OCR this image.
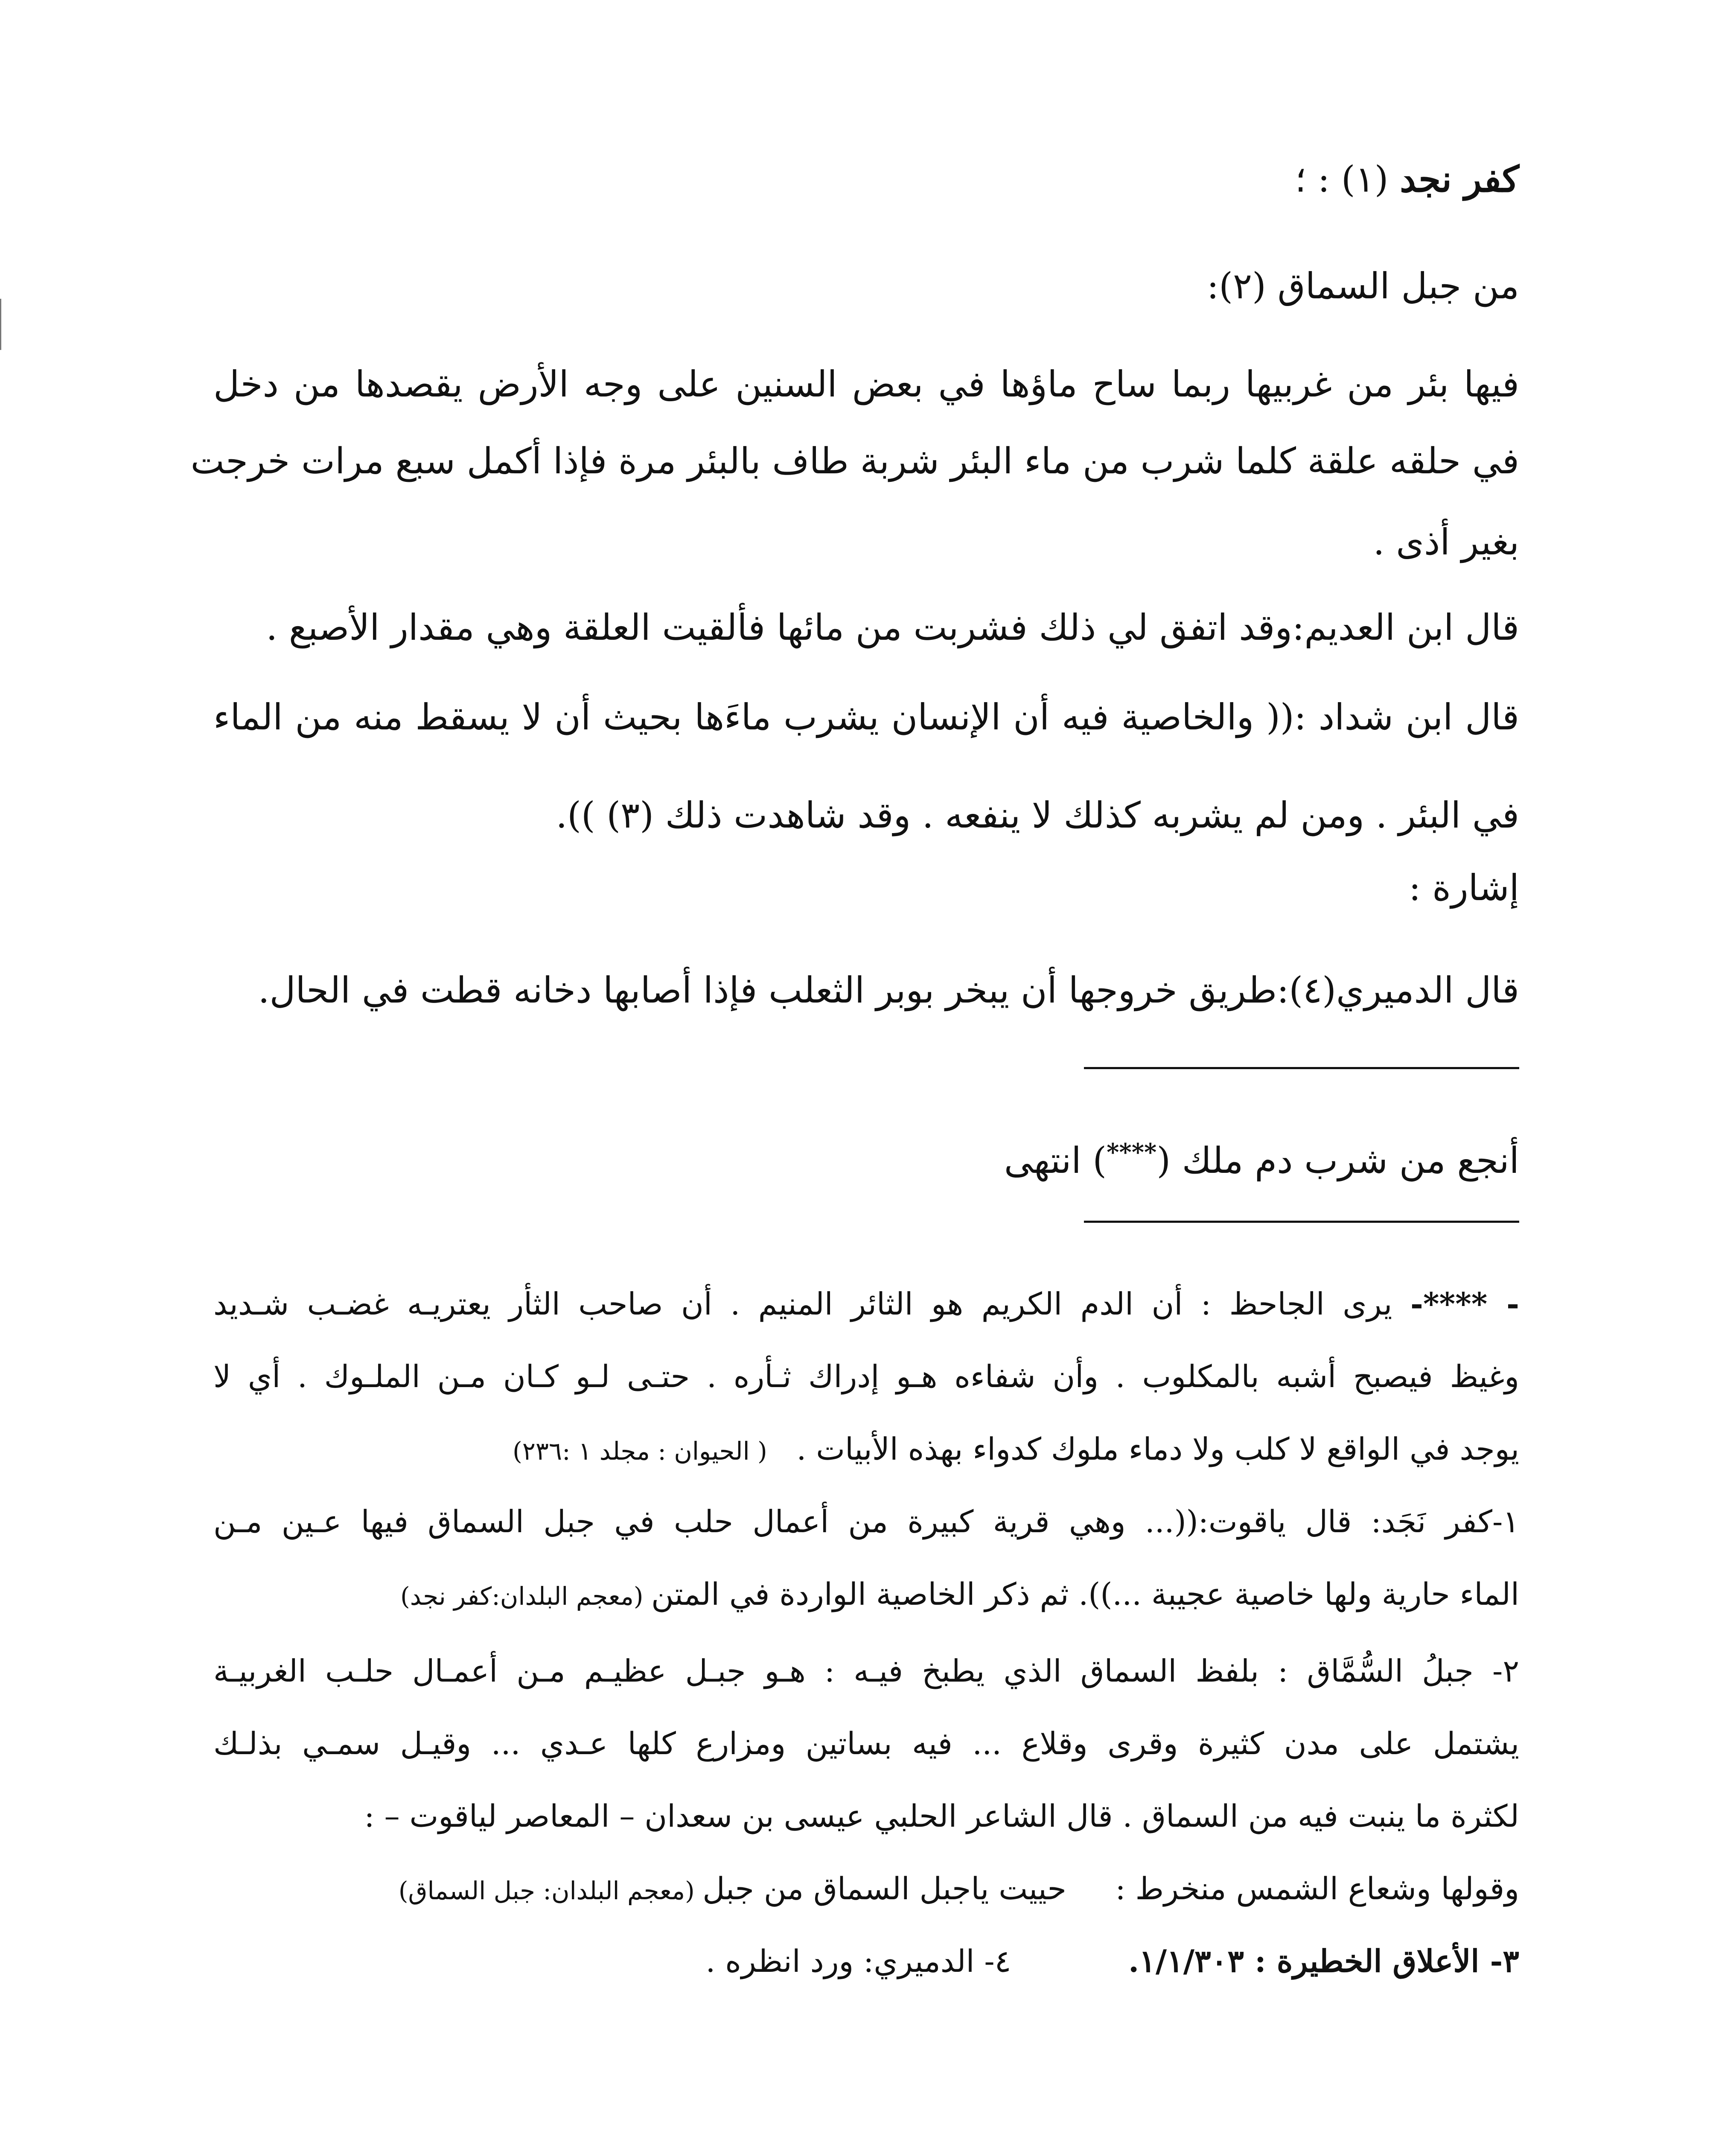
كفر نجد (١) : ؛
من جبل السماق (٢):
فيها بئر من غربيها ربما ساح ماؤها في بعض السنين على وجه الأرض يقصدها من دخل
في حلقه علقة كلما شرب من ماء البئر شربة طاف بالبئر مرة فإذا أكمل سبع مرات خرجت
بغير أذى .
قال ابن العديم:وقد اتفق لي ذلك فشربت من مائها فألقيت العلقة وهي مقدار الأصبع .
قال ابن شداد :(( والخاصية فيه أن الإنسان يشرب ماءَها بحيث أن لا يسقط منه من الماء
في البئر . ومن لم يشربه كذلك لا ينفعه . وقد شاهدت ذلك (٣) )).
إشارة :
قال الدميري(٤):طريق خروجها أن يبخر بوبر الثعلب فإذا أصابها دخانه قطت في الحال.
أنجع من شرب دم ملك (****) انتهى
- ****- يرى الجاحظ : أن الدم الكريم هو الثائر المنيم . أن صاحب الثأر يعتريـه غضـب شـديد
وغيظ فيصبح أشبه بالمكلوب . وأن شفاءه هـو إدراك ثـأره . حتـى لـو كـان مـن الملـوك . أي لا
يوجد في الواقع لا كلب ولا دماء ملوك كدواء بهذه الأبيات .   ( الحيوان : مجلد ١ :٢٣٦)
١-كفر نَجَد: قال ياقوت:((... وهي قرية كبيرة من أعمال حلب في جبل السماق فيها عـين مـن
الماء حارية ولها خاصية عجيبة ...)). ثم ذكر الخاصية الواردة في المتن (معجم البلدان:كفر نجد)
٢- جبلُ السُّمَّاق : بلفظ السماق الذي يطبخ فيـه : هـو جبـل عظيـم مـن أعمـال حلـب الغربيـة
يشتمل على مدن كثيرة وقرى وقلاع ... فيه بساتين ومزارع كلها عـدي ... وقيـل سمـي بذلـك
لكثرة ما ينبت فيه من السماق . قال الشاعر الحلبي عيسى بن سعدان – المعاصر لياقوت – :
وقولها وشعاع الشمس منخرط :     حييت ياجبل السماق من جبل (معجم البلدان: جبل السماق)
٣- الأعلاق الخطيرة : ١/١/٣٠٣.            ٤- الدميري: ورد انظره .
